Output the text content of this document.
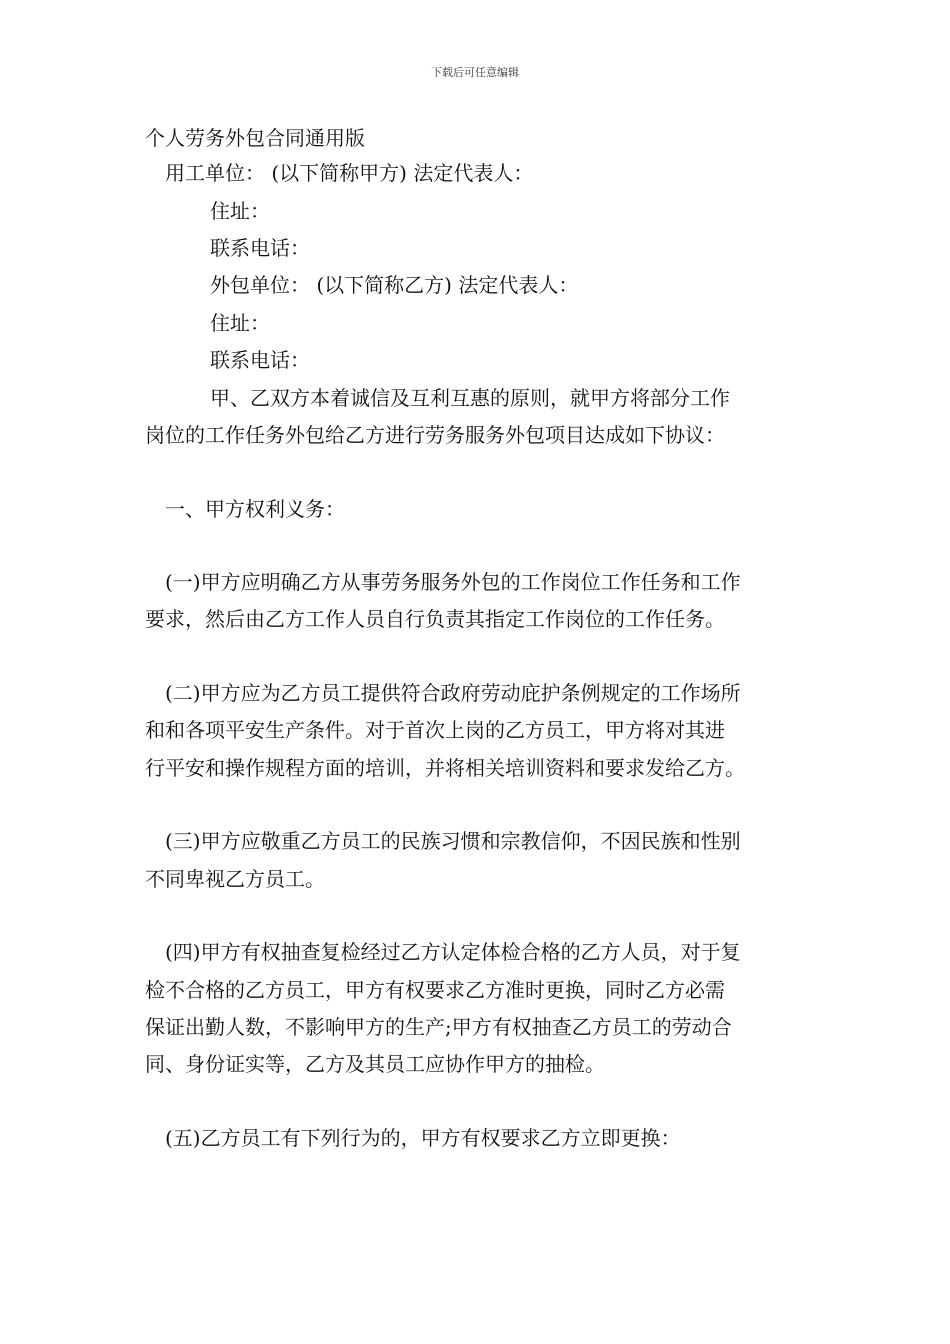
下载后可任意编辑
个人劳务外包合同通用版
用工单位： (以下简称甲方) 法定代表人：
住址：
联系电话：
外包单位： (以下简称乙方) 法定代表人：
住址：
联系电话：
甲、乙双方本着诚信及互利互惠的原则，就甲方将部分工作
岗位的工作任务外包给乙方进行劳务服务外包项目达成如下协议：
一、甲方权利义务：
(一)甲方应明确乙方从事劳务服务外包的工作岗位工作任务和工作
要求，然后由乙方工作人员自行负责其指定工作岗位的工作任务。
(二)甲方应为乙方员工提供符合政府劳动庇护条例规定的工作场所
和和各项平安生产条件。对于首次上岗的乙方员工，甲方将对其进
行平安和操作规程方面的培训，并将相关培训资料和要求发给乙方。
(三)甲方应敬重乙方员工的民族习惯和宗教信仰，不因民族和性别
不同卑视乙方员工。
(四)甲方有权抽查复检经过乙方认定体检合格的乙方人员，对于复
检不合格的乙方员工，甲方有权要求乙方准时更换，同时乙方必需
保证出勤人数，不影响甲方的生产;甲方有权抽查乙方员工的劳动合
同、身份证实等，乙方及其员工应协作甲方的抽检。
(五)乙方员工有下列行为的，甲方有权要求乙方立即更换：
